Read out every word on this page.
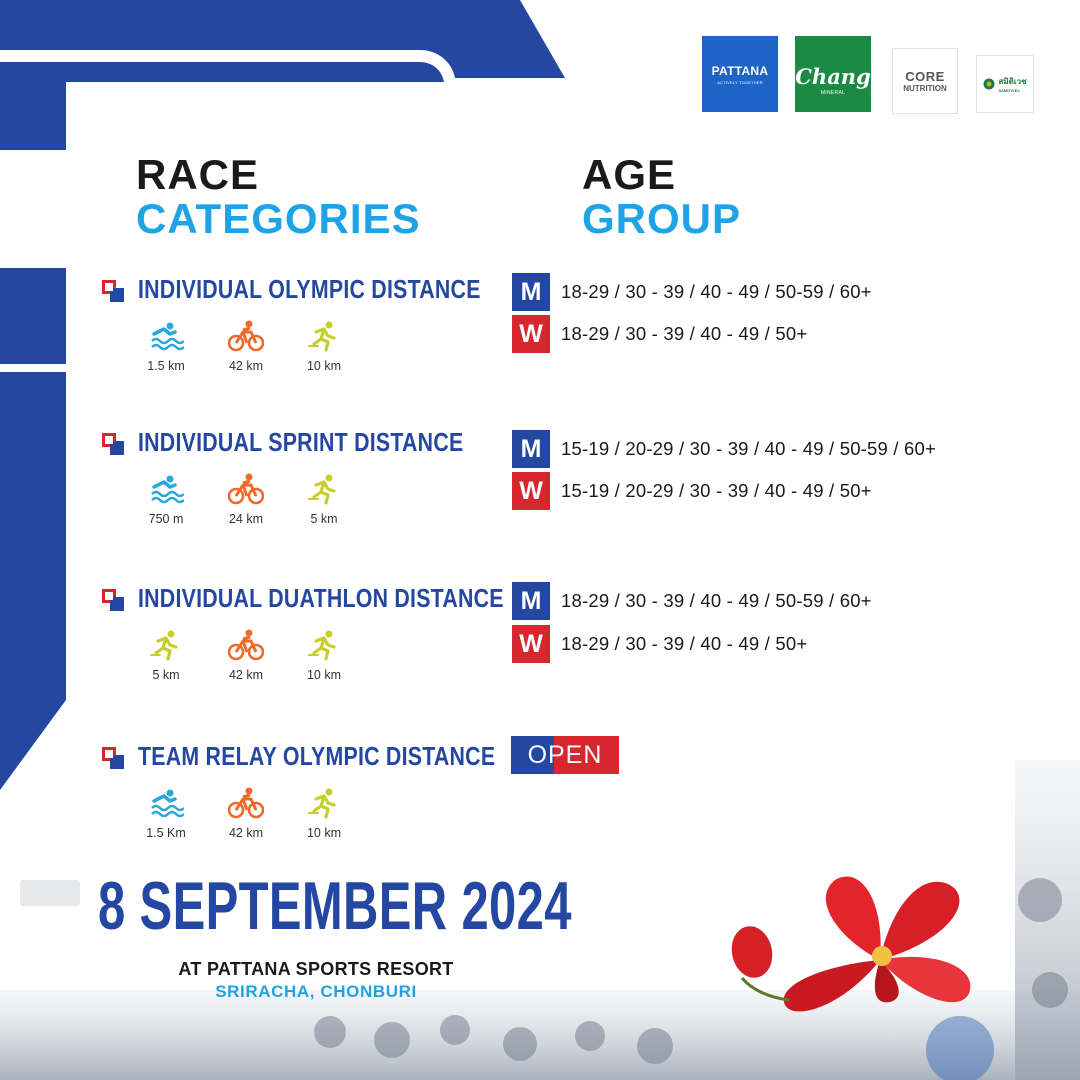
PATTANA
ACTIVELY TOGETHER Chang
MINERAL
CORE
NUTRITION
สมิติเวช
SAMITIVEJ
RACE
CATEGORIES
AGE
GROUP
INDIVIDUAL OLYMPIC DISTANCE
1.5 km	42 km	10 km
M	18-29 / 30 - 39 / 40 - 49 / 50-59 / 60+
W 18-29 / 30 - 39 / 40 - 49 / 50+
INDIVIDUAL SPRINT DISTANCE
750 m	24 km	5 km
M	15-19 / 20-29 / 30 - 39 / 40 - 49 / 50-59 / 60+
W 15-19 / 20-29 / 30 - 39 / 40 - 49 / 50+
INDIVIDUAL DUATHLON DISTANCE
5 km	42 km	10 km
M	18-29 / 30 - 39 / 40 - 49 / 50-59 / 60+
W 18-29 / 30 - 39 / 40 - 49 / 50+
TEAM RELAY OLYMPIC DISTANCE
1.5 Km	42 km	10 km
OPEN
8 SEPTEMBER 2024
AT PATTANA SPORTS RESORT
SRIRACHA, CHONBURI
